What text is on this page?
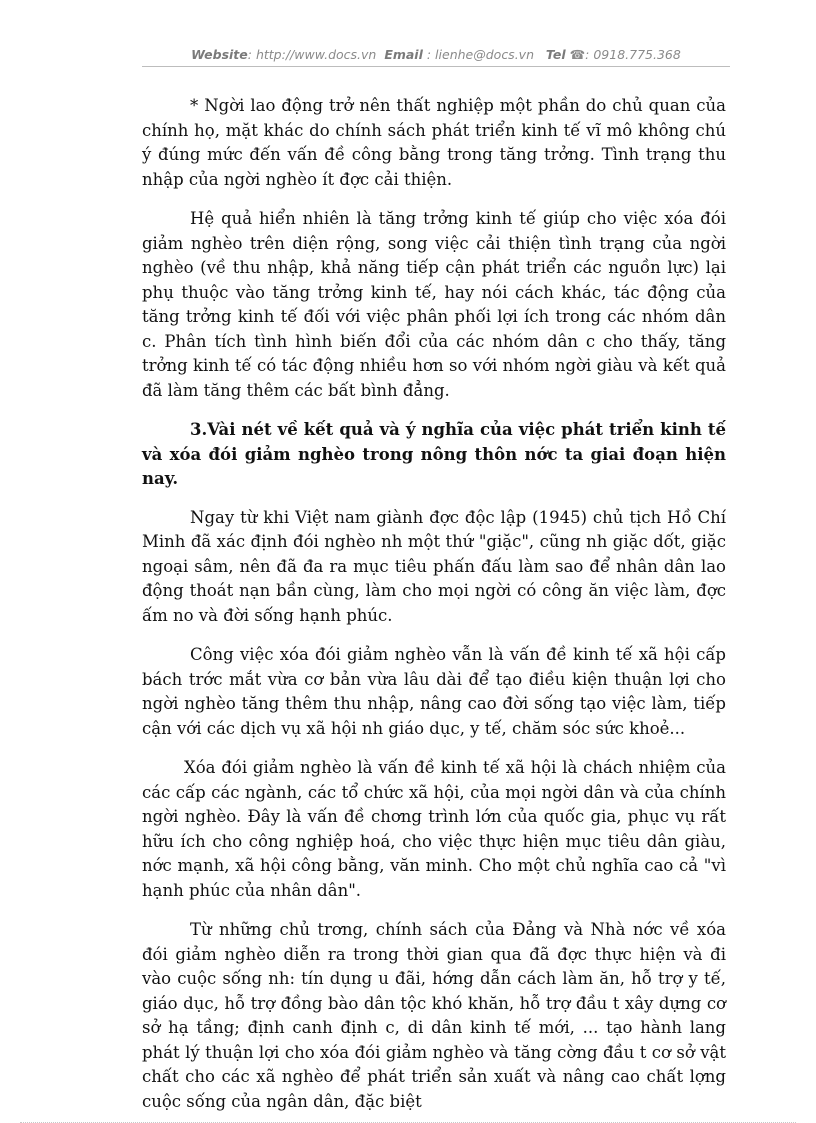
Website: http://www.docs.vn Email : lienhe@docs.vn Tel ☎: 0918.775.368

* Ngời lao động trở nên thất nghiệp một phần do chủ quan của chính họ, mặt khác do chính sách phát triển kinh tế vĩ mô không chú ý đúng mức đến vấn đề công bằng trong tăng trởng. Tình trạng thu nhập của ngời nghèo ít đợc cải thiện.

Hệ quả hiển nhiên là tăng trởng kinh tế giúp cho việc xóa đói giảm nghèo trên diện rộng, song việc cải thiện tình trạng của ngời nghèo (về thu nhập, khả năng tiếp cận phát triển các nguồn lực) lại phụ thuộc vào tăng trởng kinh tế, hay nói cách khác, tác động của tăng trởng kinh tế đối với việc phân phối lợi ích trong các nhóm dân c. Phân tích tình hình biến đổi của các nhóm dân c cho thấy, tăng trởng kinh tế có tác động nhiều hơn so với nhóm ngời giàu và kết quả đã làm tăng thêm các bất bình đẳng.

3.Vài nét về kết quả và ý nghĩa của việc phát triển kinh tế và xóa đói giảm nghèo trong nông thôn nớc ta giai đoạn hiện nay.

Ngay từ khi Việt nam giành đợc độc lập (1945) chủ tịch Hồ Chí Minh đã xác định đói nghèo nh một thứ "giặc", cũng nh giặc dốt, giặc ngoại sâm, nên đã đa ra mục tiêu phấn đấu làm sao để nhân dân lao động thoát nạn bần cùng, làm cho mọi ngời có công ăn việc làm, đợc ấm no và đời sống hạnh phúc.

Công việc xóa đói giảm nghèo vẫn là vấn đề kinh tế xã hội cấp bách trớc mắt vừa cơ bản vừa lâu dài để tạo điều kiện thuận lợi cho ngời nghèo tăng thêm thu nhập, nâng cao đời sống tạo việc làm, tiếp cận với các dịch vụ xã hội nh giáo dục, y tế, chăm sóc sức khoẻ...

Xóa đói giảm nghèo là vấn đề kinh tế xã hội là chách nhiệm của các cấp các ngành, các tổ chức xã hội, của mọi ngời dân và của chính ngời nghèo. Đây là vấn đề chơng trình lớn của quốc gia, phục vụ rất hữu ích cho công nghiệp hoá, cho việc thực hiện mục tiêu dân giàu, nớc mạnh, xã hội công bằng, văn minh. Cho một chủ nghĩa cao cả "vì hạnh phúc của nhân dân".

Từ những chủ trơng, chính sách của Đảng và Nhà nớc về xóa đói giảm nghèo diễn ra trong thời gian qua đã đợc thực hiện và đi vào cuộc sống nh: tín dụng u đãi, hớng dẫn cách làm ăn, hỗ trợ y tế, giáo dục, hỗ trợ đồng bào dân tộc khó khăn, hỗ trợ đầu t xây dựng cơ sở hạ tầng; định canh định c, di dân kinh tế mới, ... tạo hành lang phát lý thuận lợi cho xóa đói giảm nghèo và tăng cờng đầu t cơ sở vật chất cho các xã nghèo để phát triển sản xuất và nâng cao chất lợng cuộc sống của ngân dân, đặc biệt
